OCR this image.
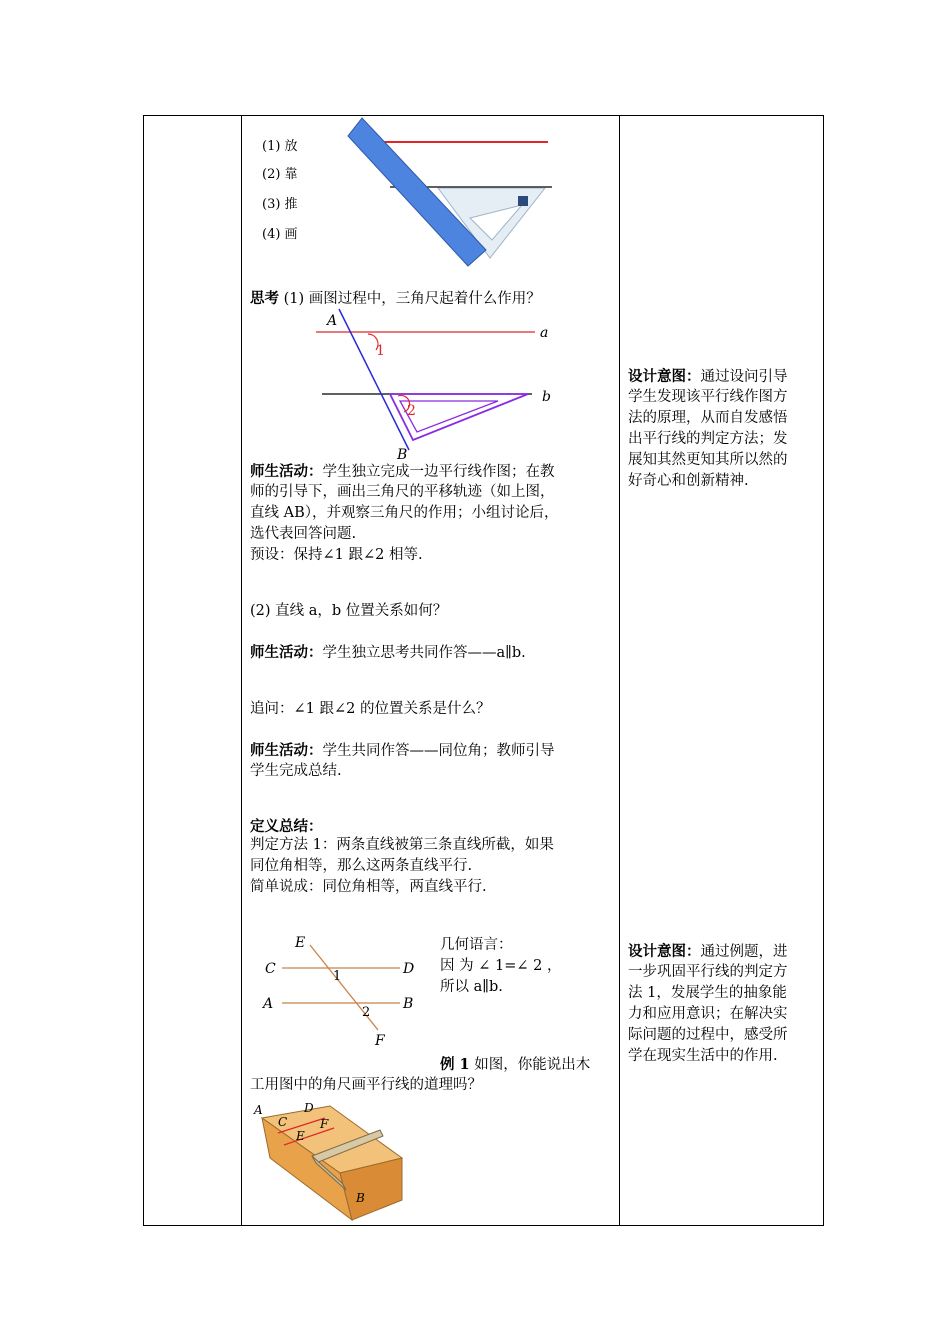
(1) 放
(2) 靠
(3) 推
(4) 画
思考 (1) 画图过程中，三角尺起着什么作用？
A
a
1
2
b
B
师生活动：学生独立完成一边平行线作图；在教
师的引导下，画出三角尺的平移轨迹（如上图，
直线 AB），并观察三角尺的作用；小组讨论后，
选代表回答问题.
预设：保持∠1 跟∠2 相等.
(2) 直线 a，b 位置关系如何？
师生活动：学生独立思考共同作答——a∥b.
追问：∠1 跟∠2 的位置关系是什么？
师生活动：学生共同作答——同位角；教师引导
学生完成总结.
定义总结：
判定方法 1：两条直线被第三条直线所截，如果
同位角相等，那么这两条直线平行.
简单说成：同位角相等，两直线平行.
E
C	D
1
A	B
2
F
几何语言：
因 为 ∠ 1=∠ 2 ，
所以 a∥b.
例 1 如图，你能说出木
工用图中的角尺画平行线的道理吗？
A
C
D
E
F
B
设计意图：通过设问引导
学生发现该平行线作图方
法的原理，从而自发感悟
出平行线的判定方法；发
展知其然更知其所以然的
好奇心和创新精神.
设计意图：通过例题，进
一步巩固平行线的判定方
法 1，发展学生的抽象能
力和应用意识；在解决实
际问题的过程中，感受所
学在现实生活中的作用.
